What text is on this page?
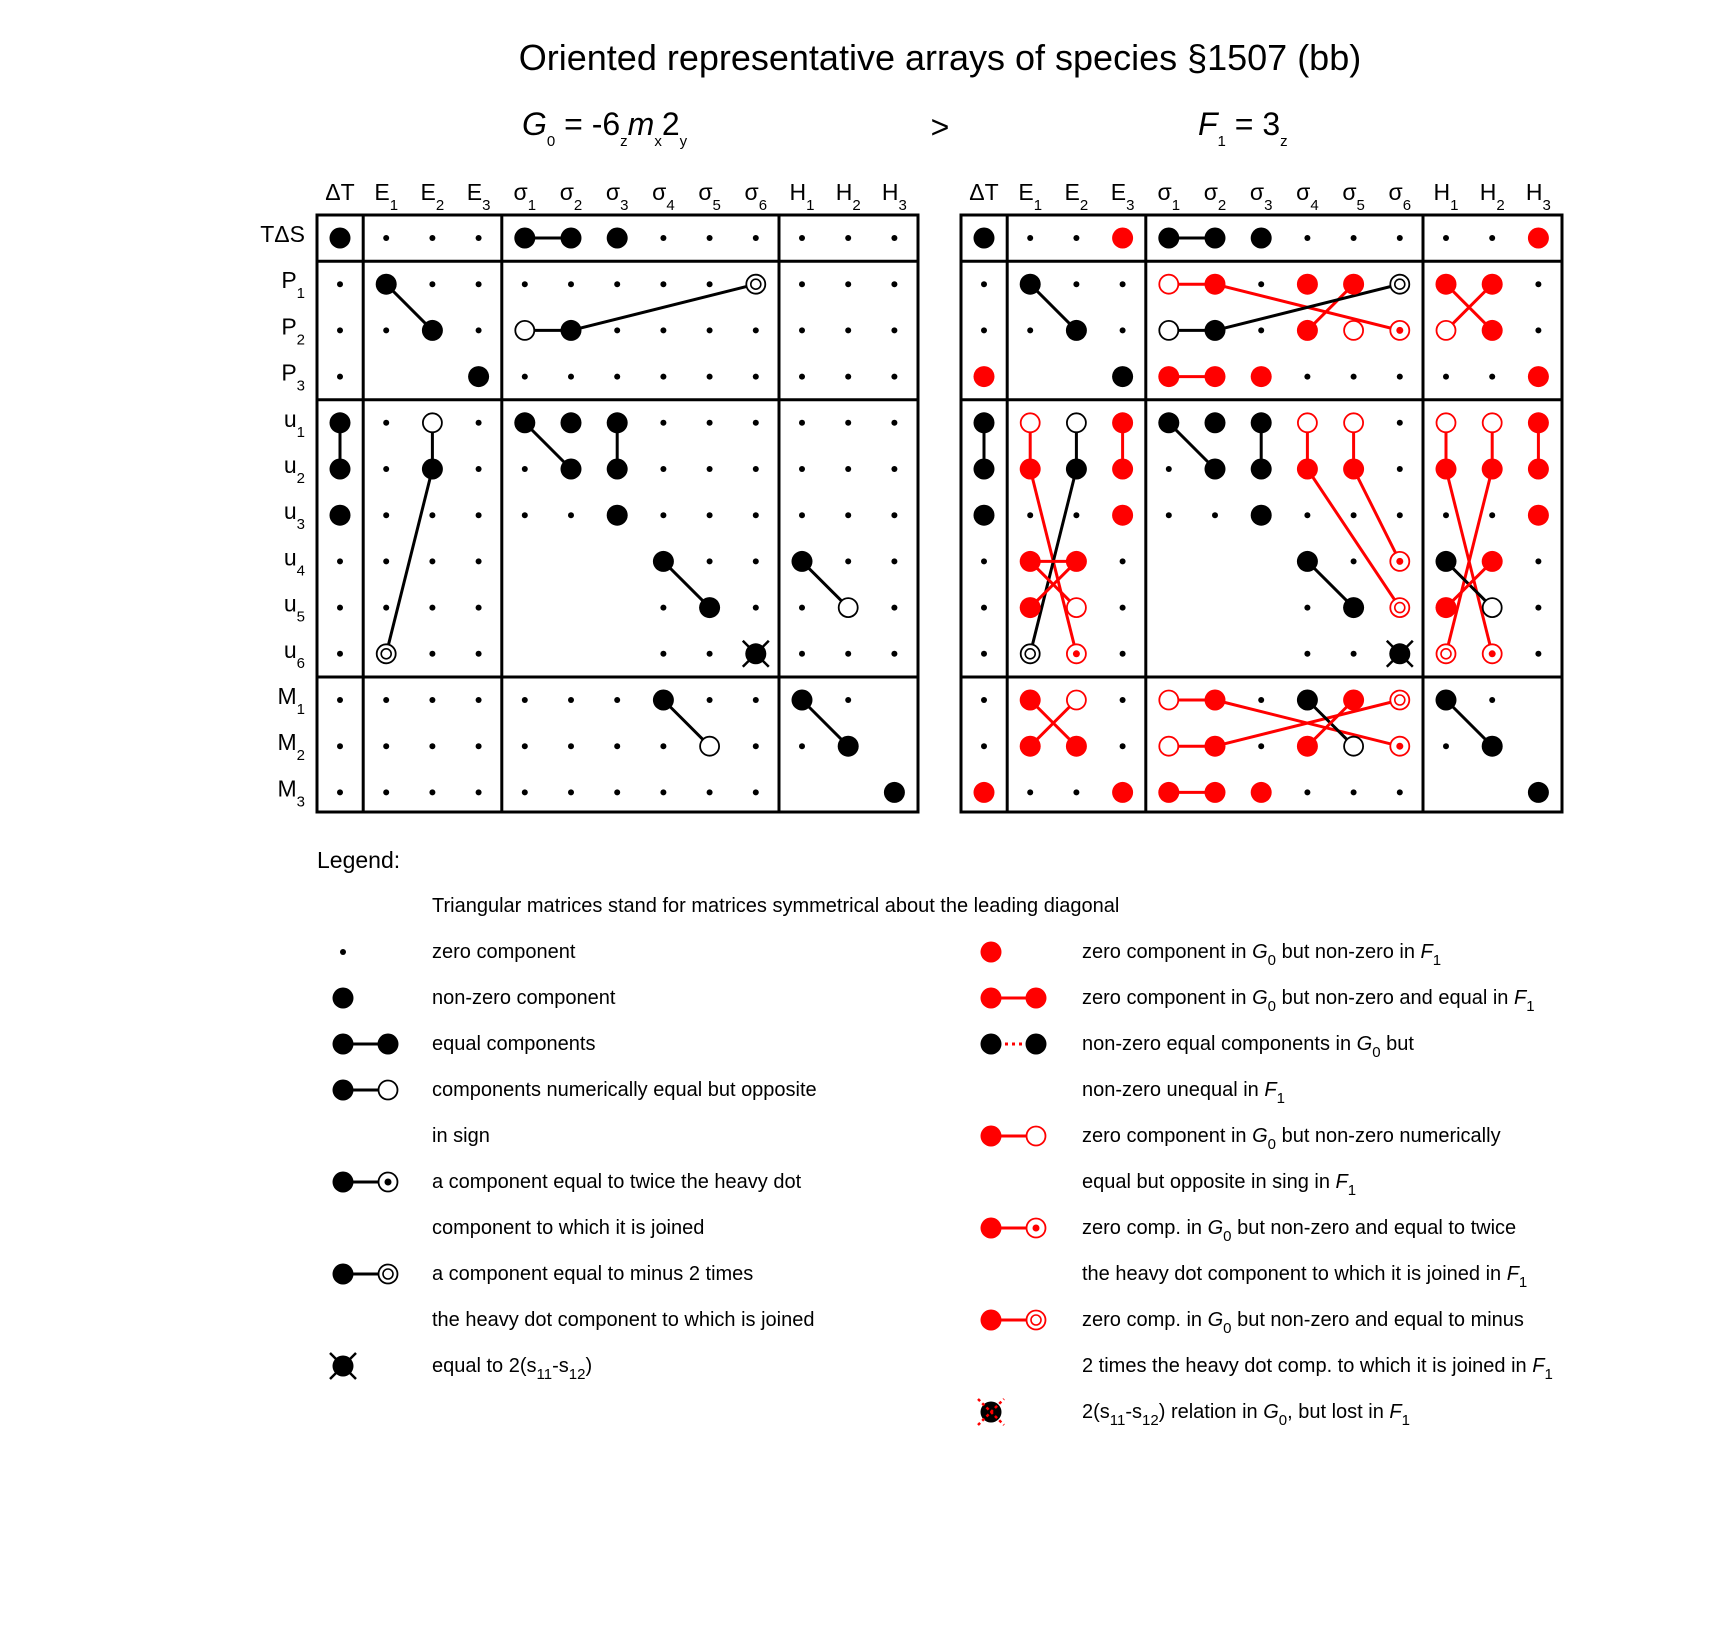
Oriented representative arrays of species §1507 (bb)
$G_0 = -6_zm_x2_y$	>	$F_1 = 3_z$
ΔT $E_1$
$E_2$
$E_3$
$\sigma_1$
$\sigma_2$
$\sigma_3$
$\sigma_4$
$\sigma_5$
$\sigma_6$
$H_1$
$H_2$
$H_3$
TΔS
$P_1$
$P_2$
$P_3$
$u_1$
$u_2$
$u_3$
$u_4$
$u_5$
$u_6$
$M_1$
$M_2$
$M_3$
ΔT $E_1$
$E_2$
$E_3$
$\sigma_1$
$\sigma_2$
$\sigma_3$
$\sigma_4$
$\sigma_5$
$\sigma_6$
$H_1$
$H_2$
$H_3$
Legend:
Triangular matrices stand for matrices symmetrical about the leading diagonal
zero component
non-zero component
equal components
components numerically equal but opposite
in sign
a component equal to twice the heavy dot
component to which it is joined
a component equal to minus 2 times
the heavy dot component to which is joined
equal to $2(s_{11}-s_{12})$
zero component in $G_0$ but non-zero in $F_1$
zero component in $G_0$ but non-zero and equal in $F_1$
non-zero equal components in $G_0$ but
non-zero unequal in $F_1$
zero component in $G_0$ but non-zero numerically
equal but opposite in sing in $F_1$
zero comp. in $G_0$ but non-zero and equal to twice
the heavy dot component to which it is joined in $F_1$
zero comp. in $G_0$ but non-zero and equal to minus
2 times the heavy dot comp. to which it is joined in $F_1$
$2(s_{11}-s_{12})$ relation in $G_0$, but lost in $F_1$
